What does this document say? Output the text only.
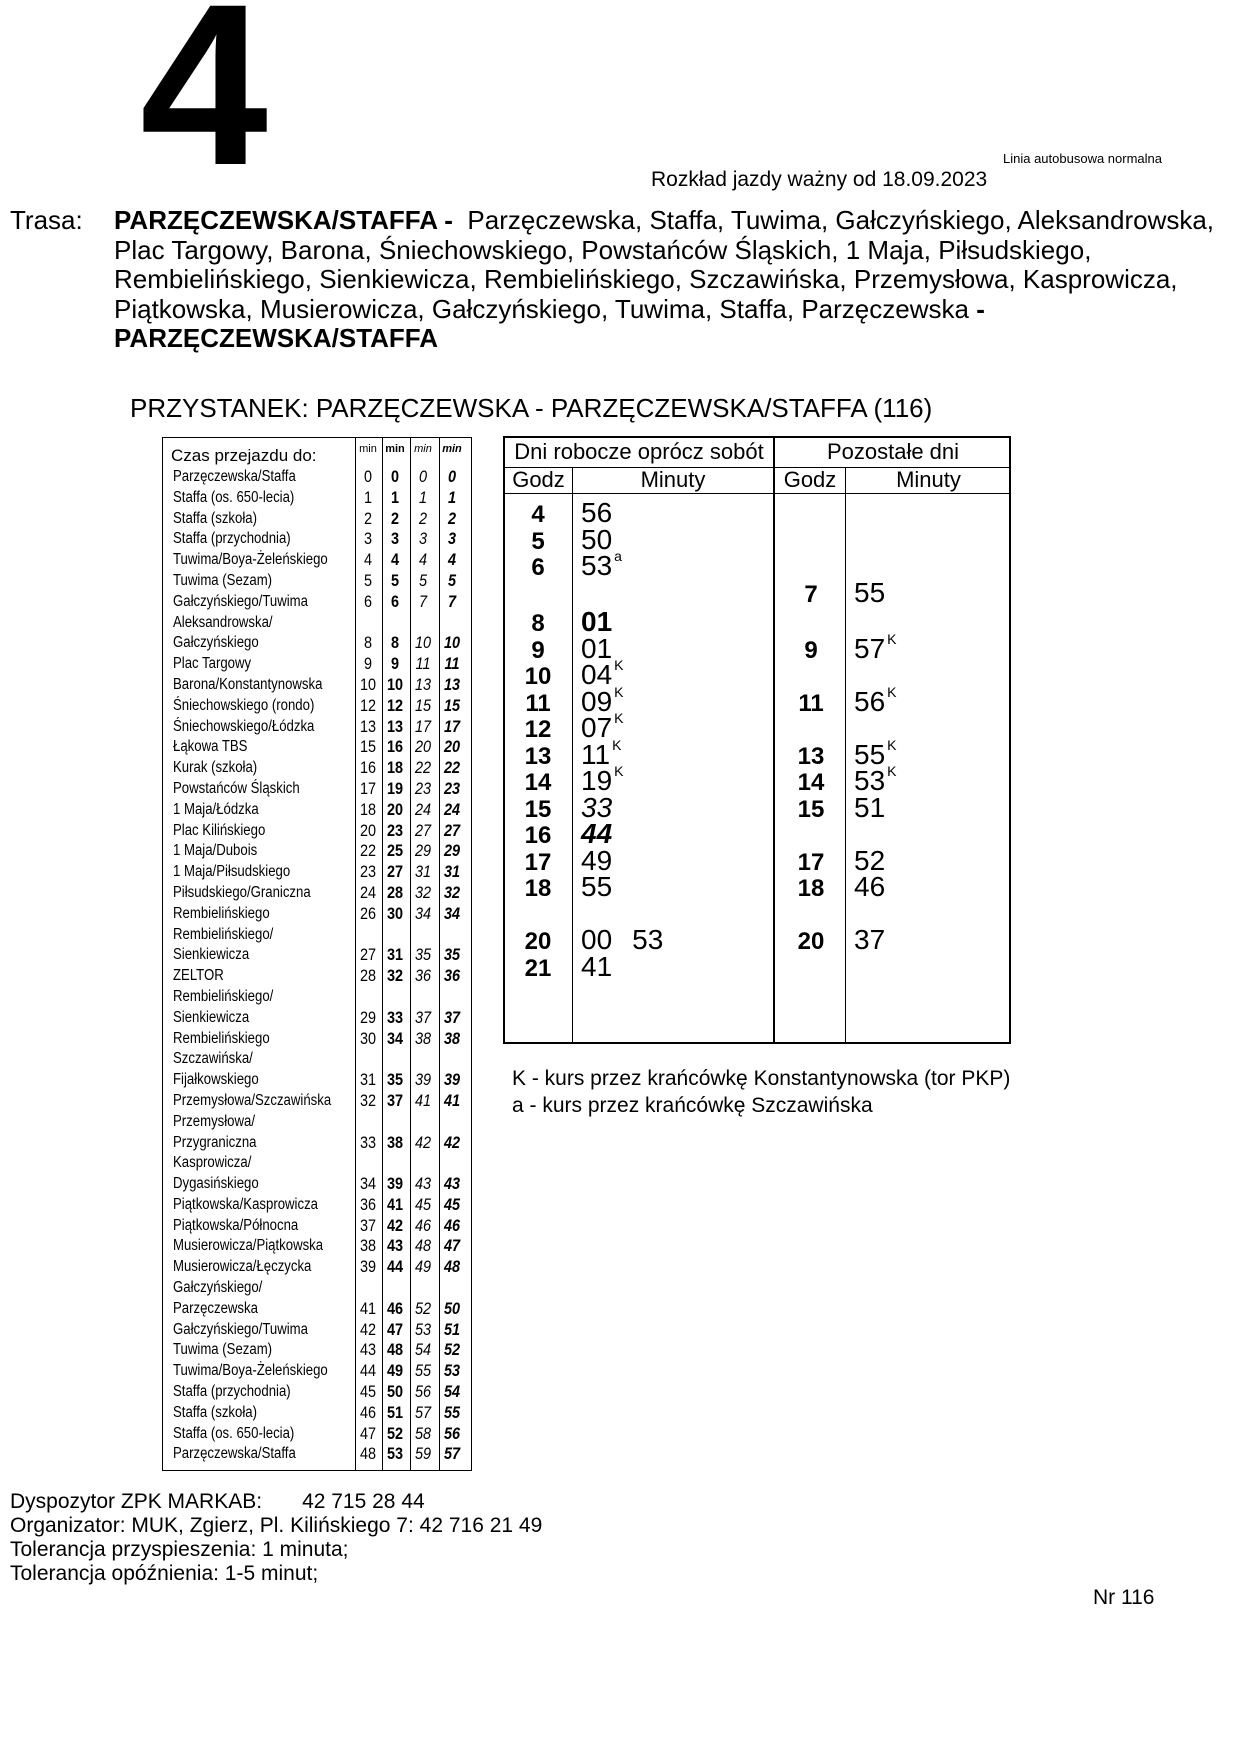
4	Linia autobusowa normalna
Rozkład jazdy ważny od 18.09.2023
Trasa: PARZĘCZEWSKA/STAFFA - Parzęczewska, Staffa, Tuwima, Gałczyńskiego, Aleksandrowska, Plac Targowy, Barona, Śniechowskiego, Powstańców Śląskich, 1 Maja, Piłsudskiego, Rembielińskiego, Sienkiewicza, Rembielińskiego, Szczawińska, Przemysłowa, Kasprowicza, Piątkowska, Musierowicza, Gałczyńskiego, Tuwima, Staffa, Parzęczewska -
PARZĘCZEWSKA/STAFFA
PRZYSTANEK: PARZĘCZEWSKA - PARZĘCZEWSKA/STAFFA (116)
Czas przejazdu do:	min min min min
Parzęczewska/Staffa	0	0	0	0
Staffa (os. 650-lecia)	1	1	1	1
Staffa (szkoła)	2	2	2	2
Staffa (przychodnia)	3	3	3	3
Tuwima/Boya-Żeleńskiego	4	4	4	4
Tuwima (Sezam)	5	5	5	5
Gałczyńskiego/Tuwima	6	6	7	7
Aleksandrowska/
Gałczyńskiego	8	8 10 10
Plac Targowy	9	9 11 11
Barona/Konstantynowska 10 10 13 13
Śniechowskiego (rondo)	12 12 15 15
Śniechowskiego/Łódzka	13 13 17 17
Łąkowa TBS	15 16 20 20
Kurak (szkoła)	16 18 22 22
Powstańców Śląskich	17 19 23 23
1 Maja/Łódzka	18 20 24 24
Plac Kilińskiego	20 23 27 27
1 Maja/Dubois	22 25 29 29
1 Maja/Piłsudskiego	23 27 31 31
Piłsudskiego/Graniczna	24 28 32 32
Rembielińskiego	26 30 34 34
Rembielińskiego/
Sienkiewicza	27 31 35 35
ZELTOR	28 32 36 36
Rembielińskiego/
Sienkiewicza	29 33 37 37
Rembielińskiego	30 34 38 38
Szczawińska/
Fijałkowskiego	31 35 39 39
Przemysłowa/Szczawińska 32 37 41 41
Przemysłowa/
Przygraniczna	33 38 42 42
Kasprowicza/
Dygasińskiego	34 39 43 43
Piątkowska/Kasprowicza 36 41 45 45
Piątkowska/Północna	37 42 46 46
Musierowicza/Piątkowska 38 43 48 47
Musierowicza/Łęczycka	39 44 49 48
Gałczyńskiego/
Parzęczewska	41 46 52 50
Gałczyńskiego/Tuwima	42 47 53 51
Tuwima (Sezam)	43 48 54 52
Tuwima/Boya-Żeleńskiego 44 49 55 53
Staffa (przychodnia)	45 50 56 54
Staffa (szkoła)	46 51 57 55
Staffa (os. 650-lecia)	47 52 58 56
Parzęczewska/Staffa	48 53 59 57
Dni robocze oprócz sobót	Pozostałe dni
Godz	Minuty	Godz	Minuty
4	56
5	50
6	53 $^a$
8	01
9	01
10	04 $^K$
11	09 $^K$
12	07 $^K$
13	11 $^K$
14	19 $^K$
15	33
16	44
17	49
18	55
20	00 53
21	41
7	55
9	57 $^K$
11	56 $^K$
13	55 $^K$
14	53 $^K$
15	51
17	52
18	46
20	37
K - kurs przez krańcówkę Konstantynowska (tor PKP)
a - kurs przez krańcówkę Szczawińska
Dyspozytor ZPK MARKAB: 42 715 28 44
Organizator: MUK, Zgierz, Pl. Kilińskiego 7: 42 716 21 49
Tolerancja przyspieszenia: 1 minuta;
Tolerancja opóźnienia: 1-5 minut;
Nr 116
